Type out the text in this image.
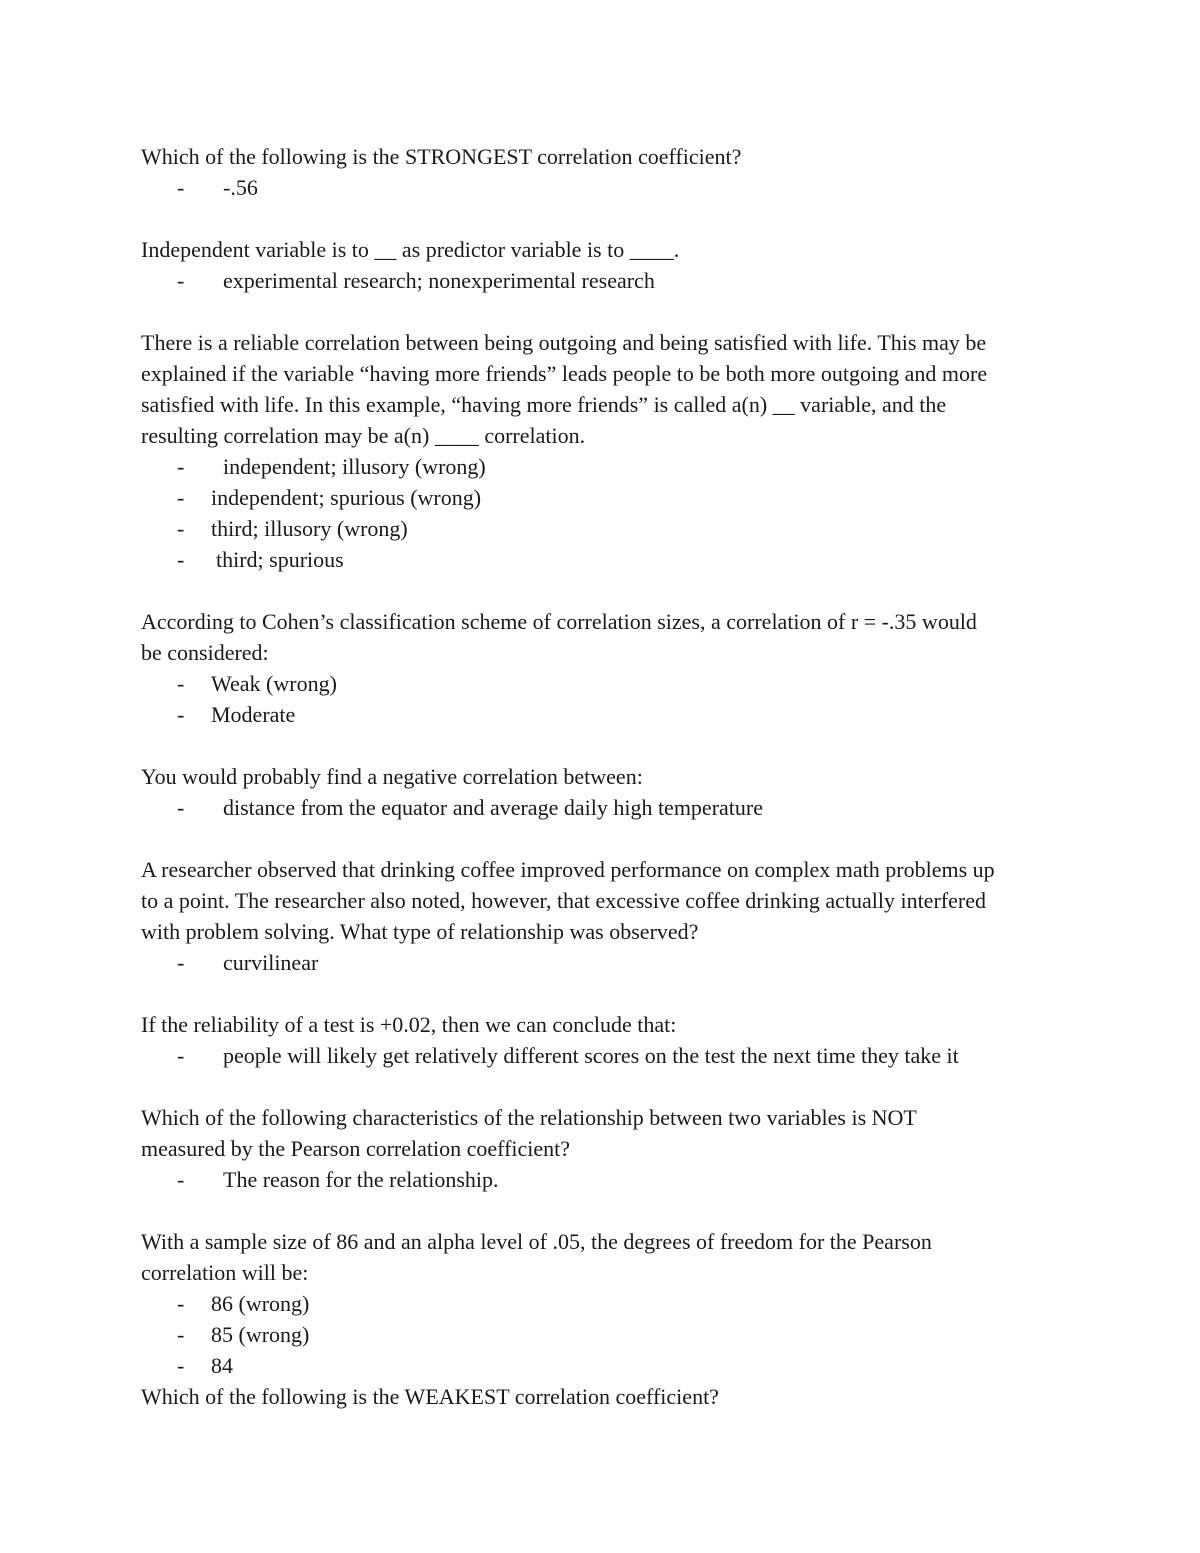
Which of the following is the STRONGEST correlation coefficient?

-	-.56

Independent variable is to __ as predictor variable is to ____.

-	experimental research; nonexperimental research

There is a reliable correlation between being outgoing and being satisfied with life. This may be

explained if the variable “having more friends” leads people to be both more outgoing and more

satisfied with life. In this example, “having more friends” is called a(n) __ variable, and the

resulting correlation may be a(n) ____ correlation.

-	independent; illusory (wrong)
-	independent; spurious (wrong)
-	third; illusory (wrong)
-	third; spurious

According to Cohen’s classification scheme of correlation sizes, a correlation of r = -.35 would

be considered:

-	Weak (wrong)
-	Moderate

You would probably find a negative correlation between:

-	distance from the equator and average daily high temperature

A researcher observed that drinking coffee improved performance on complex math problems up

to a point. The researcher also noted, however, that excessive coffee drinking actually interfered

with problem solving. What type of relationship was observed?

-	curvilinear

If the reliability of a test is +0.02, then we can conclude that:

-	people will likely get relatively different scores on the test the next time they take it

Which of the following characteristics of the relationship between two variables is NOT

measured by the Pearson correlation coefficient?

-	The reason for the relationship.

With a sample size of 86 and an alpha level of .05, the degrees of freedom for the Pearson

correlation will be:

-	86 (wrong)
-	85 (wrong)
-	84

Which of the following is the WEAKEST correlation coefficient?
